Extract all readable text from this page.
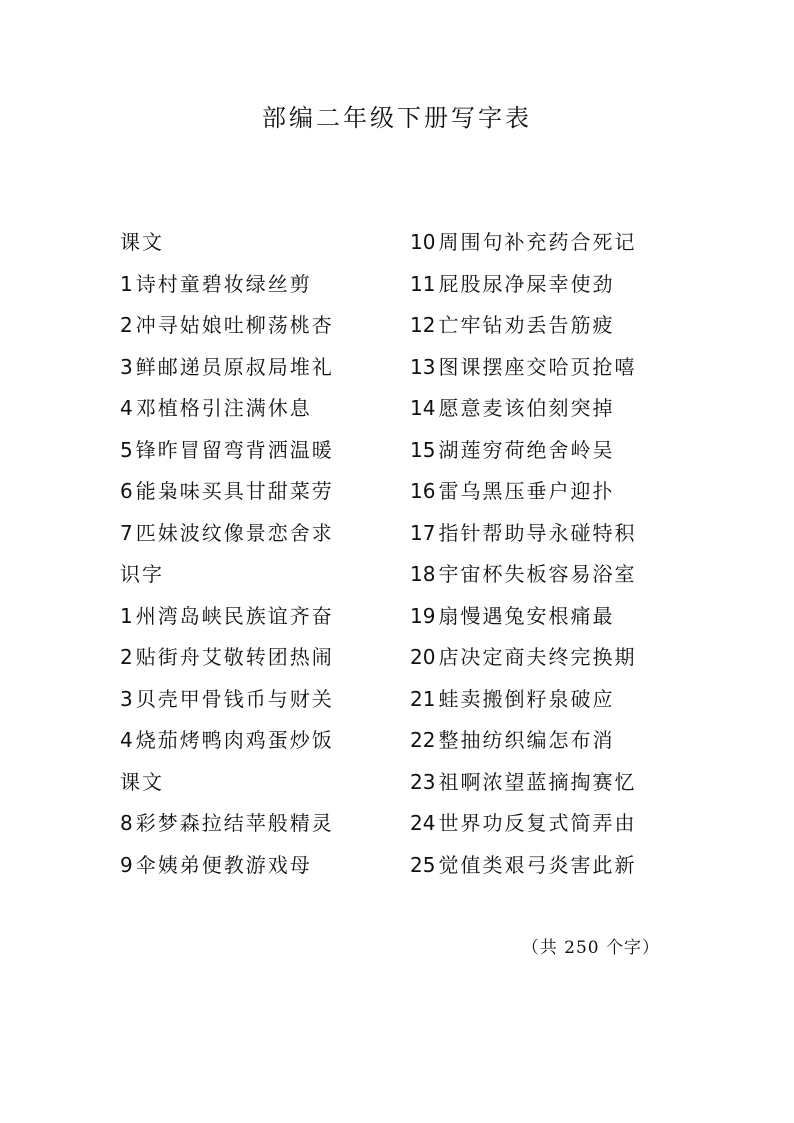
部编二年级下册写字表
课文
1 诗村童碧妆绿丝剪
2 冲寻姑娘吐柳荡桃杏
3 鲜邮递员原叔局堆礼
4 邓植格引注满休息
5 锋昨冒留弯背洒温暖
6 能枭味买具甘甜菜劳
7 匹妹波纹像景恋舍求
识字
1 州湾岛峡民族谊齐奋
2 贴街舟艾敬转团热闹
3 贝壳甲骨钱币与财关
4 烧茄烤鸭肉鸡蛋炒饭
课文
8 彩梦森拉结苹般精灵
9 伞姨弟便教游戏母
10 周围句补充药合死记
11 屁股尿净屎幸使劲
12 亡牢钻劝丢告筋疲
13 图课摆座交哈页抢嘻
14 愿意麦该伯刻突掉
15 湖莲穷荷绝舍岭吴
16 雷乌黑压垂户迎扑
17 指针帮助导永碰特积
18 宇宙杯失板容易浴室
19 扇慢遇兔安根痛最
20 店决定商夫终完换期
21 蛙卖搬倒籽泉破应
22 整抽纺织编怎布消
23 祖啊浓望蓝摘掏赛忆
24 世界功反复式简弄由
25 觉值类艰弓炎害此新
（共 250 个字）
